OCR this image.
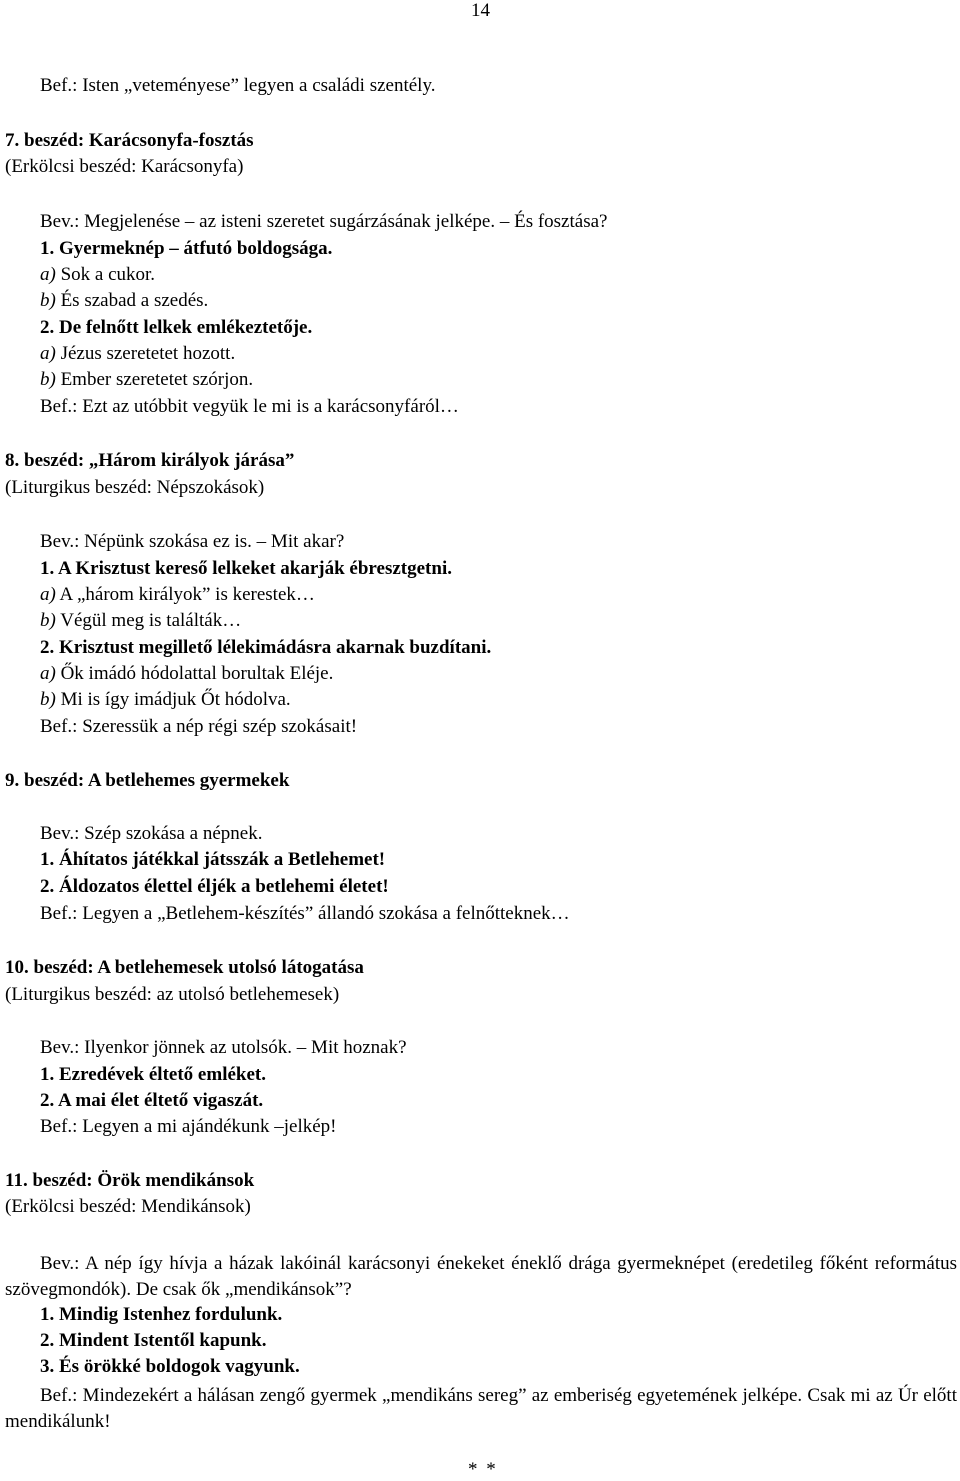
14
Bef.: Isten „veteményese” legyen a családi szentély.
7. beszéd: Karácsonyfa-fosztás
(Erkölcsi beszéd: Karácsonyfa)
Bev.: Megjelenése – az isteni szeretet sugárzásának jelképe. – És fosztása?
1. Gyermeknép – átfutó boldogsága.
a) Sok a cukor.
b) És szabad a szedés.
2. De felnőtt lelkek emlékeztetője.
a) Jézus szeretetet hozott.
b) Ember szeretetet szórjon.
Bef.: Ezt az utóbbit vegyük le mi is a karácsonyfáról…
8. beszéd: „Három királyok járása”
(Liturgikus beszéd: Népszokások)
Bev.: Népünk szokása ez is. – Mit akar?
1. A Krisztust kereső lelkeket akarják ébresztgetni.
a) A „három királyok” is kerestek…
b) Végül meg is találták…
2. Krisztust megillető lélekimádásra akarnak buzdítani.
a) Ők imádó hódolattal borultak Eléje.
b) Mi is így imádjuk Őt hódolva.
Bef.: Szeressük a nép régi szép szokásait!
9. beszéd: A betlehemes gyermekek
Bev.: Szép szokása a népnek.
1. Áhítatos játékkal játsszák a Betlehemet!
2. Áldozatos élettel éljék a betlehemi életet!
Bef.: Legyen a „Betlehem-készítés” állandó szokása a felnőtteknek…
10. beszéd: A betlehemesek utolsó látogatása
(Liturgikus beszéd: az utolsó betlehemesek)
Bev.: Ilyenkor jönnek az utolsók. – Mit hoznak?
1. Ezredévek éltető emléket.
2. A mai élet éltető vigaszát.
Bef.: Legyen a mi ajándékunk –jelkép!
11. beszéd: Örök mendikánsok
(Erkölcsi beszéd: Mendikánsok)
Bev.: A nép így hívja a házak lakóinál karácsonyi énekeket éneklő drága gyermeknépet (eredetileg főként református szövegmondók). De csak ők „mendikánsok”?
1. Mindig Istenhez fordulunk.
2. Mindent Istentől kapunk.
3. És örökké boldogok vagyunk.
Bef.: Mindezekért a hálásan zengő gyermek „mendikáns sereg” az emberiség egyetemének jelképe. Csak mi az Úr előtt mendikálunk!
* *
